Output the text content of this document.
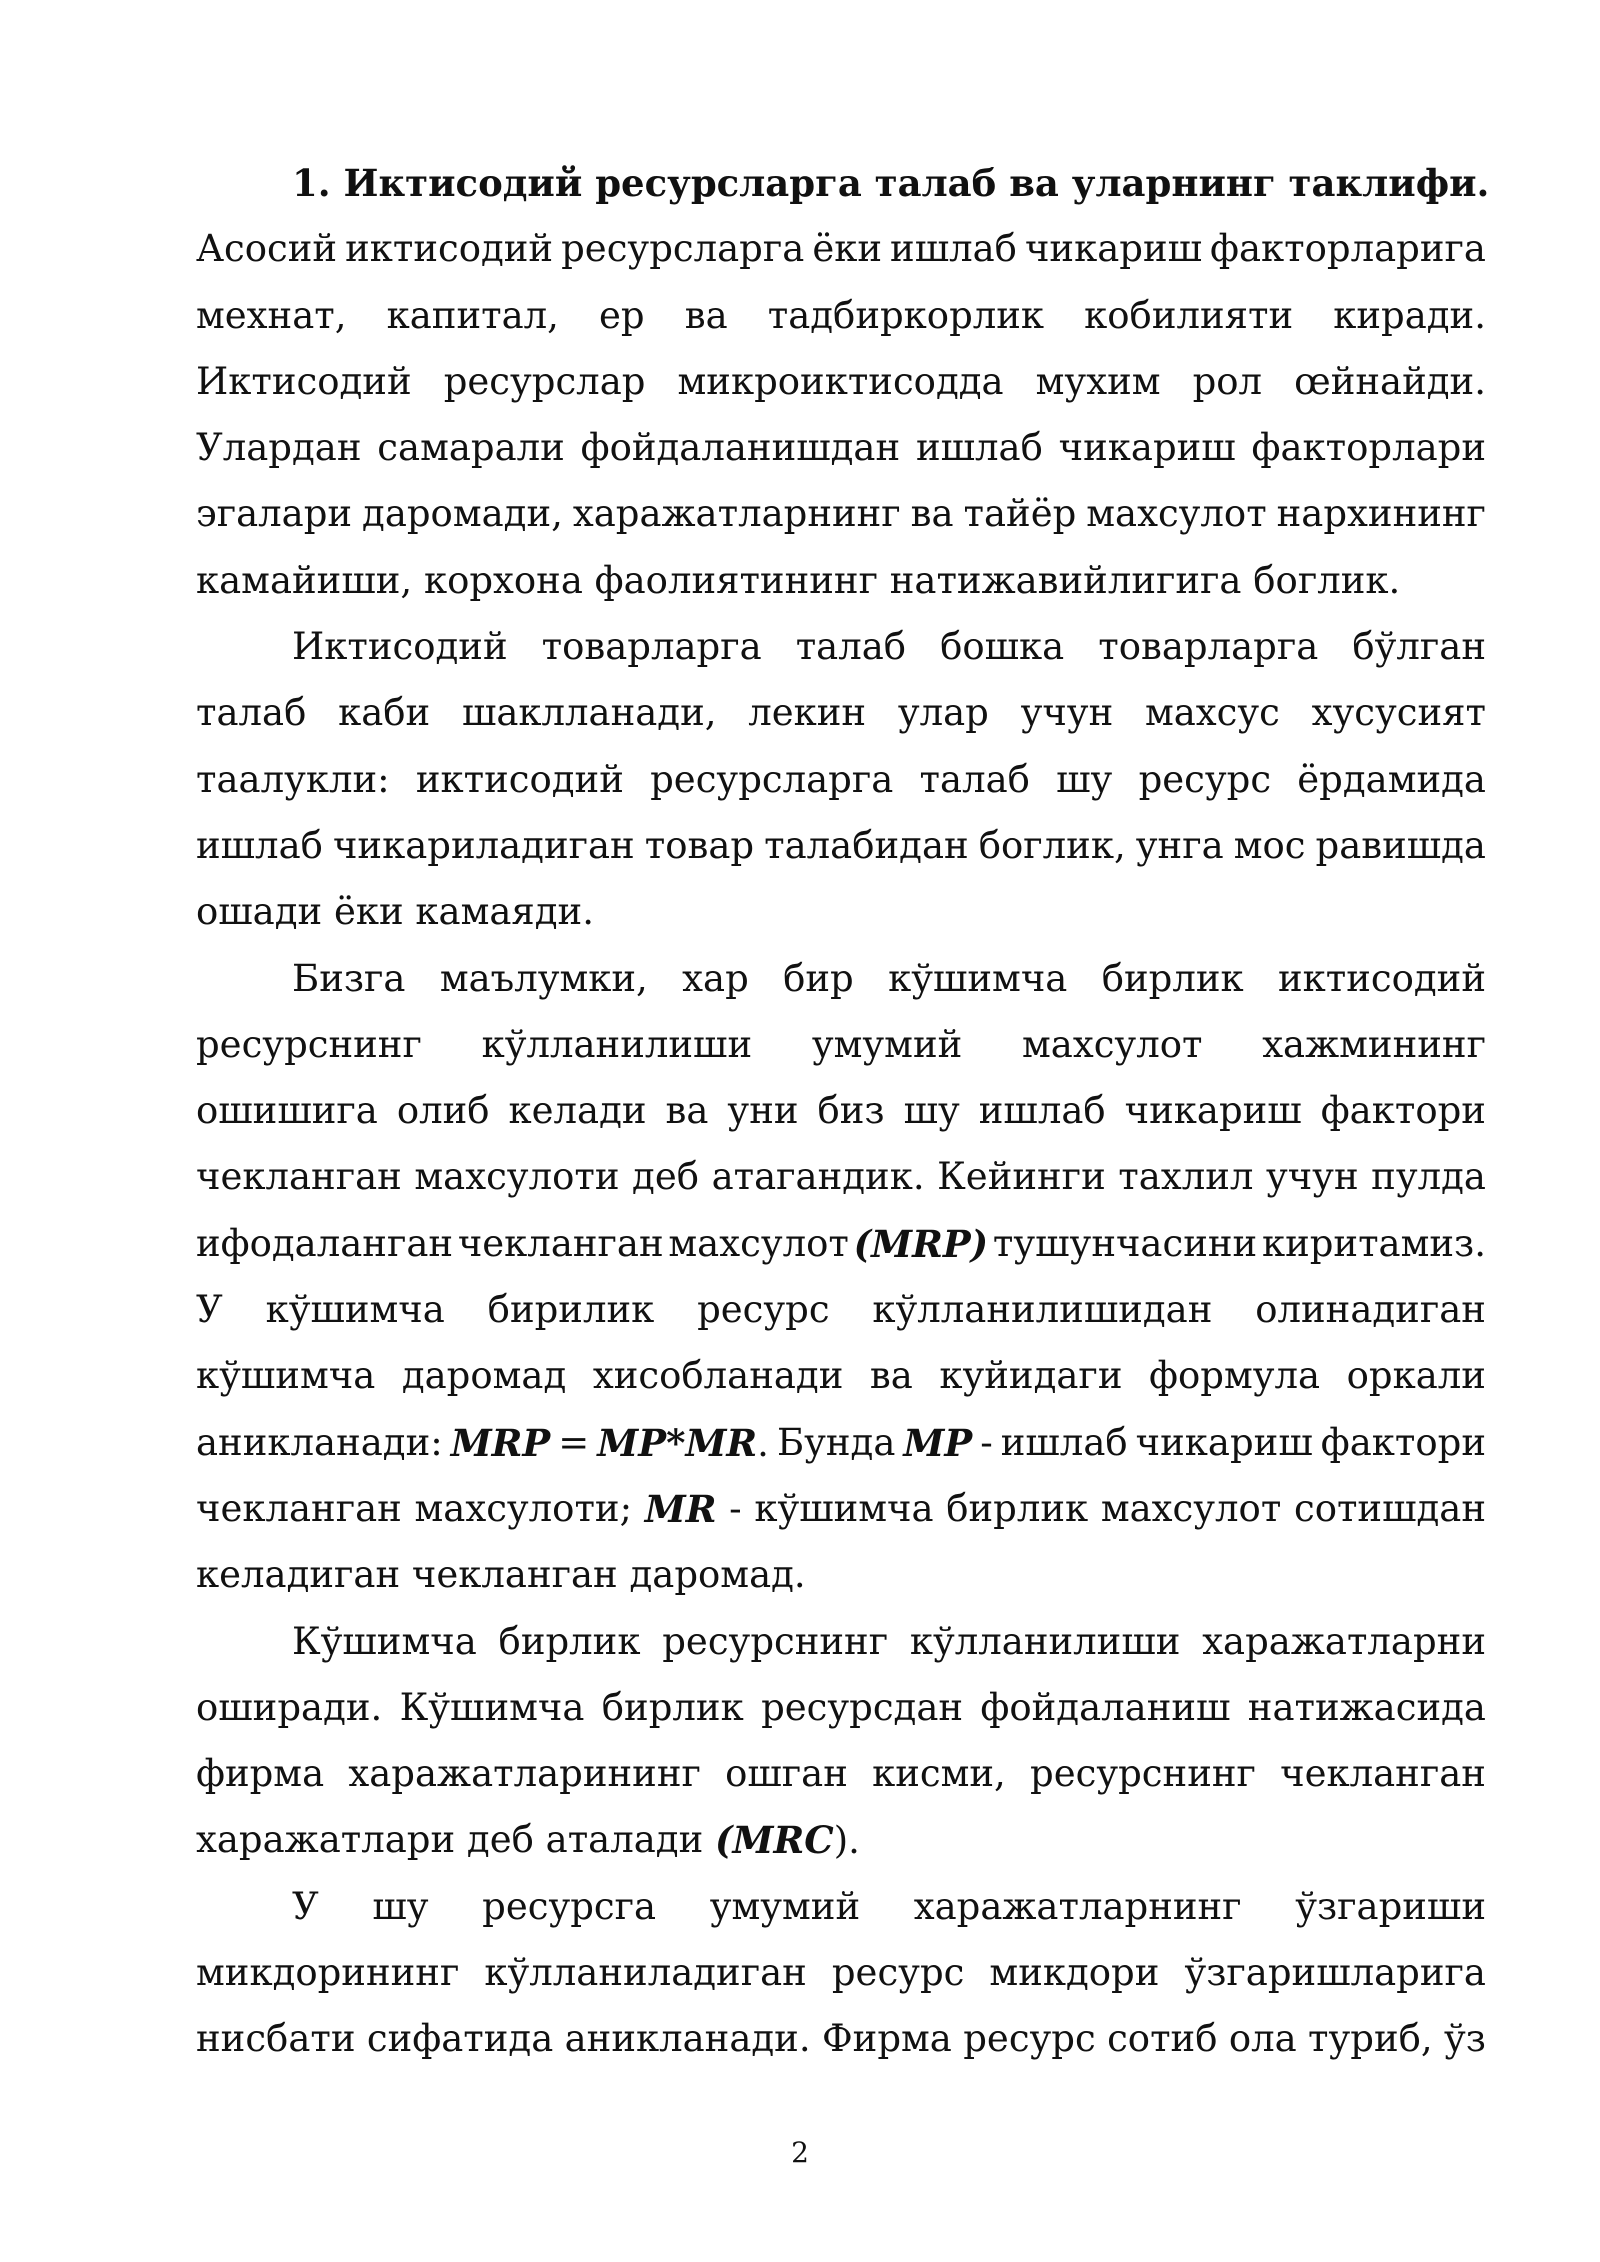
1. Иктисодий ресурсларга талаб ва уларнинг таклифи.
Асосий иктисодий ресурсларга ёки ишлаб чикариш факторларига
мехнат, капитал, ер ва тадбиркорлик кобилияти киради.
Иктисодий ресурслар микроиктисодда мухим рол œйнайди.
Улардан самарали фойдаланишдан ишлаб чикариш факторлари
эгалари даромади, харажатларнинг ва тайёр махсулот нархининг
камайиши,
корхона
фаолиятининг
натижавийлигига
боглик.
Иктисодий товарларга талаб бошка товарларга бўлган
талаб каби шаклланади, лекин улар учун махсус хусусият
таалукли: иктисодий ресурсларга талаб шу ресурс ёрдамида
ишлаб чикариладиган товар талабидан боглик, унга мос равишда
ошади
ёки
камаяди.
Бизга маълумки, хар бир кўшимча бирлик иктисодий
ресурснинг кўлланилиши умумий махсулот хажмининг
ошишига олиб келади ва уни биз шу ишлаб чикариш фактори
чекланган махсулоти деб атагандик. Кейинги тахлил учун пулда
ифодаланган чекланган махсулот (MRP) тушунчасини киритамиз.
У кўшимча бирилик ресурс кўлланилишидан олинадиган
кўшимча даромад хисобланади ва куйидаги формула оркали
аникланади: MRP = MP*MR. Бунда MP - ишлаб чикариш фактори
чекланган махсулоти; MR - кўшимча бирлик махсулот сотишдан
келадиган
чекланган
даромад.
Кўшимча бирлик ресурснинг кўлланилиши харажатларни
оширади. Кўшимча бирлик ресурсдан фойдаланиш натижасида
фирма харажатларининг ошган кисми, ресурснинг чекланган
харажатлари
деб
аталади
(MRC).
У шу ресурсга умумий харажатларнинг ўзгариши
микдорининг кўлланиладиган ресурс микдори ўзгаришларига
нисбати сифатида аникланади. Фирма ресурс сотиб ола туриб, ўз
2
